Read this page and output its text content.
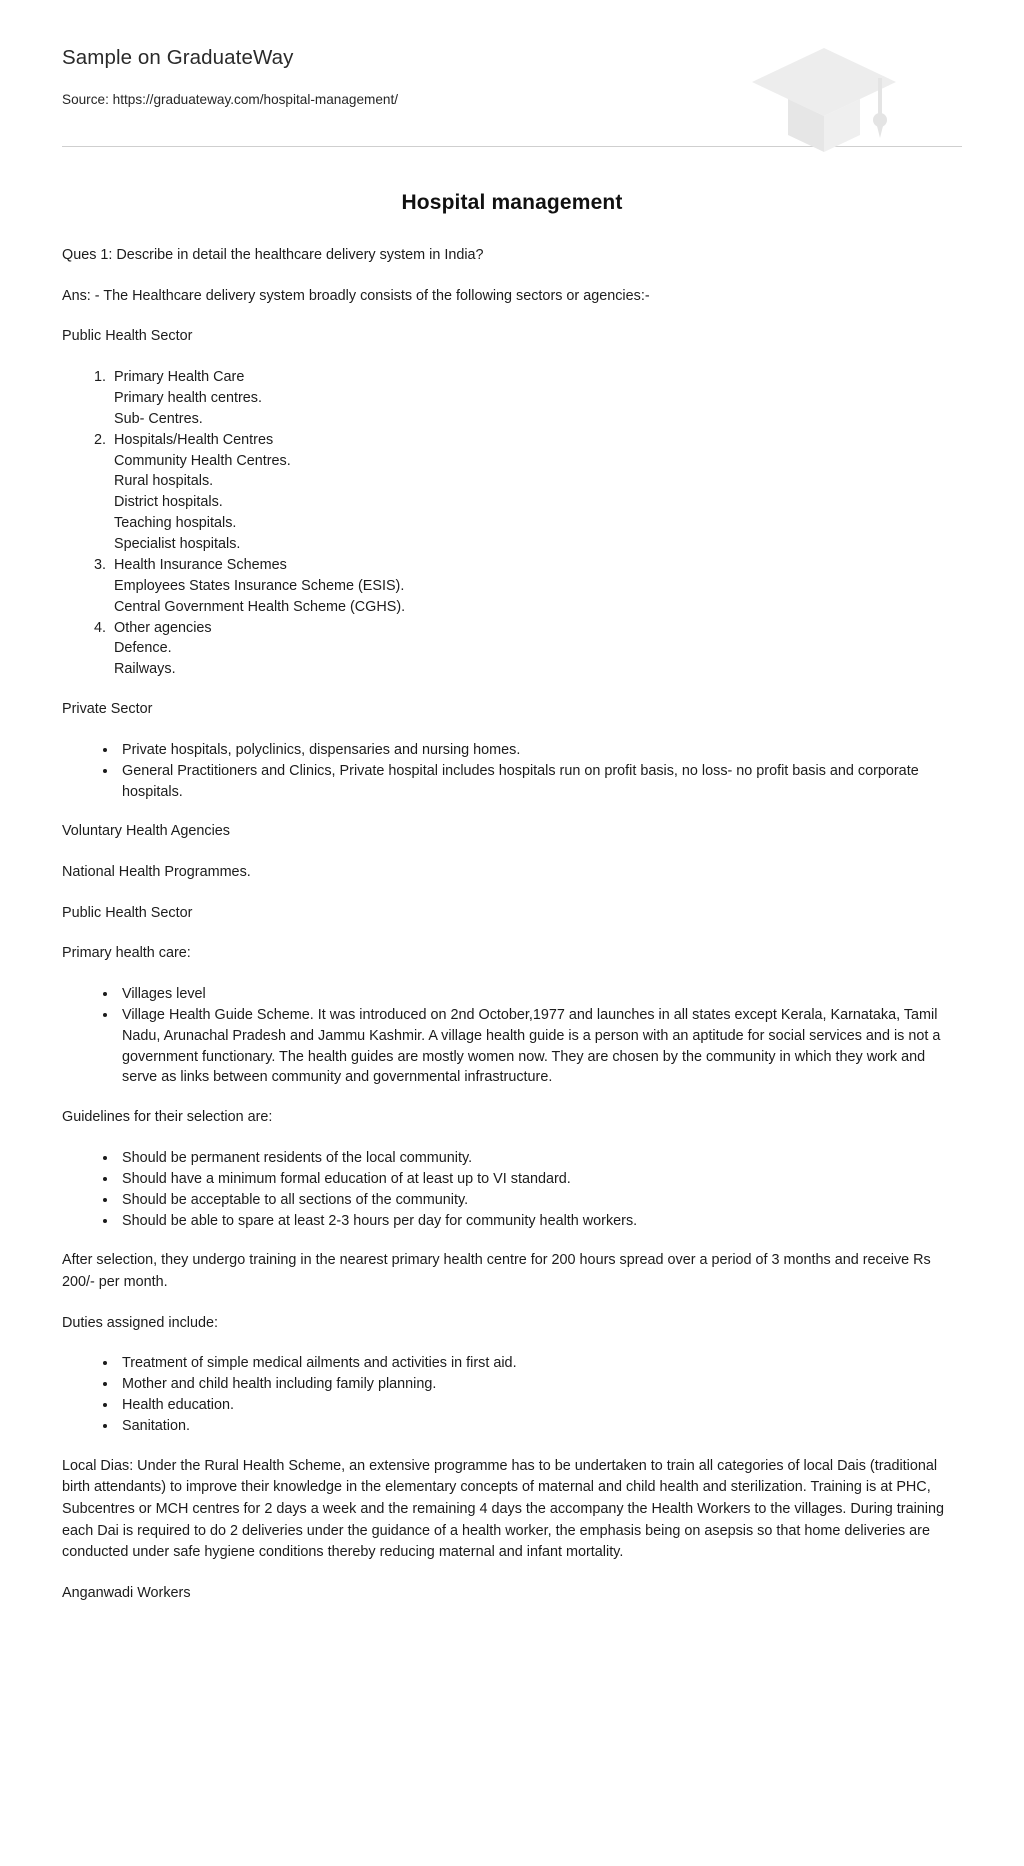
Sample on GraduateWay

Source: https://graduateway.com/hospital-management/

Hospital management

Ques 1: Describe in detail the healthcare delivery system in India?

Ans: - The Healthcare delivery system broadly consists of the following sectors or agencies:-

Public Health Sector

1. Primary Health Care
Primary health centres.
Sub- Centres.
2. Hospitals/Health Centres
Community Health Centres.
Rural hospitals.
District hospitals.
Teaching hospitals.
Specialist hospitals.
3. Health Insurance Schemes
Employees States Insurance Scheme (ESIS).
Central Government Health Scheme (CGHS).
4. Other agencies
Defence.
Railways.

Private Sector

• Private hospitals, polyclinics, dispensaries and nursing homes.
• General Practitioners and Clinics, Private hospital includes hospitals run on profit basis, no loss- no profit basis and corporate hospitals.

Voluntary Health Agencies

National Health Programmes.

Public Health Sector

Primary health care:

• Villages level
• Village Health Guide Scheme. It was introduced on 2nd October,1977 and launches in all states except Kerala, Karnataka, Tamil Nadu, Arunachal Pradesh and Jammu Kashmir. A village health guide is a person with an aptitude for social services and is not a government functionary. The health guides are mostly women now. They are chosen by the community in which they work and serve as links between community and governmental infrastructure.

Guidelines for their selection are:

• Should be permanent residents of the local community.
• Should have a minimum formal education of at least up to VI standard.
• Should be acceptable to all sections of the community.
• Should be able to spare at least 2-3 hours per day for community health workers.

After selection, they undergo training in the nearest primary health centre for 200 hours spread over a period of 3 months and receive Rs 200/- per month.

Duties assigned include:

• Treatment of simple medical ailments and activities in first aid.
• Mother and child health including family planning.
• Health education.
• Sanitation.

Local Dias: Under the Rural Health Scheme, an extensive programme has to be undertaken to train all categories of local Dais (traditional birth attendants) to improve their knowledge in the elementary concepts of maternal and child health and sterilization. Training is at PHC, Subcentres or MCH centres for 2 days a week and the remaining 4 days the accompany the Health Workers to the villages. During training each Dai is required to do 2 deliveries under the guidance of a health worker, the emphasis being on asepsis so that home deliveries are conducted under safe hygiene conditions thereby reducing maternal and infant mortality.

Anganwadi Workers
